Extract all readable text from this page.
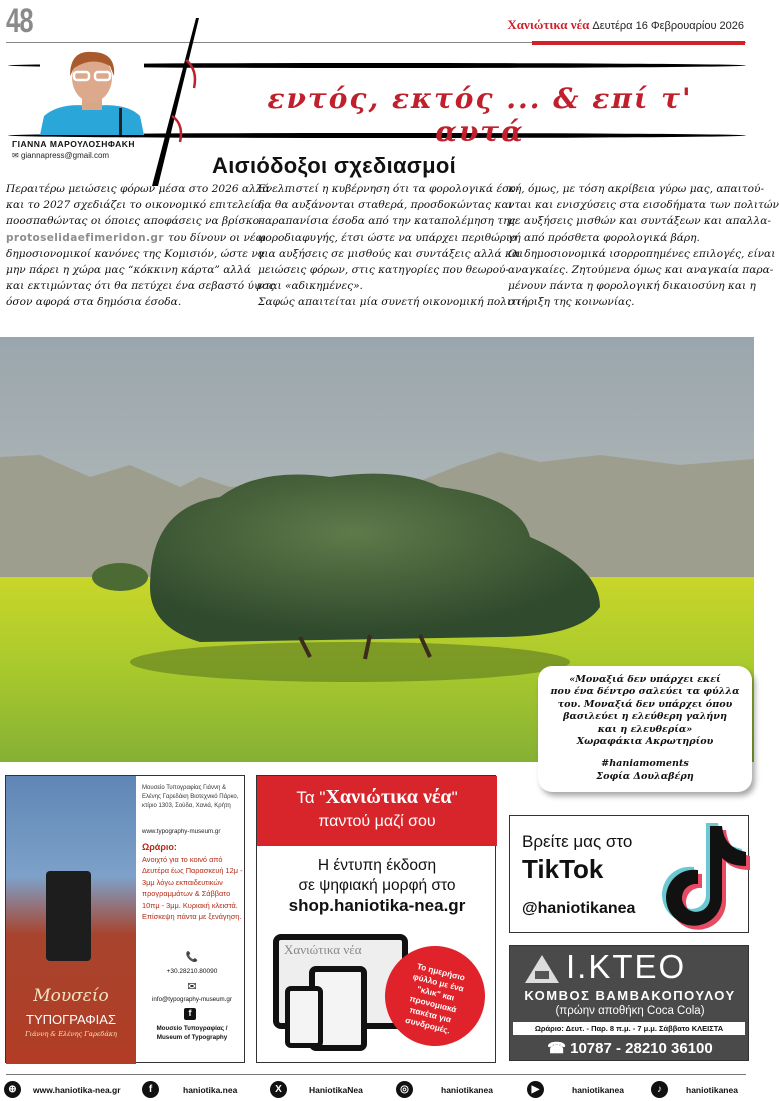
48	Χανιώτικα νέα Δευτέρα 16 Φεβρουαρίου 2026
εντός, εκτός ... & επί τ' αυτά
ΓΙΑΝΝΑ ΜΑΡΟΥΛΟΣΗΦΑΚΗ
✉ giannapress@gmail.com	Αισιόδοξοι σχεδιασμοί
Περαιτέρω μειώσεις φόρων μέσα στο 2026 αλλά
και το 2027 σχεδιάζει το οικονομικό επιτελείο,
ποοσπαθώντας οι όποιες αποφάσεις να βρίσκο-
protoselidaefimeridon.gr του δίνουν οι νέοι
δημοσιονομικοί κανόνες της Κομισιόν, ώστε να
μην πάρει η χώρα μας “κόκκινη κάρτα” αλλά
και εκτιμώντας ότι θα πετύχει ένα σεβαστό ύψος
όσον αφορά στα δημόσια έσοδα.
Ενελπιστεί η κυβέρνηση ότι τα φορολογικά έσο-
δα θα αυξάνονται σταθερά, προσδοκώντας και
παραπανίσια έσοδα από την καταπολέμηση της
φοροδιαφυγής, έτσι ώστε να υπάρχει περιθώριο
για αυξήσεις σε μισθούς και συντάξεις αλλά και
μειώσεις φόρων, στις κατηγορίες που θεωρού-
νται «αδικημένες».
Σαφώς απαιτείται μία συνετή οικονομική πολιτι-
κή, όμως, με τόση ακρίβεια γύρω μας, απαιτού-
νται και ενισχύσεις στα εισοδήματα των πολιτών
με αυξήσεις μισθών και συντάξεων και απαλλα-
γή από πρόσθετα φορολογικά βάρη.
Οι δημοσιονομικά ισορροπημένες επιλογές, είναι
αναγκαίες. Ζητούμενα όμως και αναγκαία παρα-
μένουν πάντα η φορολογική δικαιοσύνη και η
στήριξη της κοινωνίας.
«Μοναξιά δεν υπάρχει εκεί
που ένα δέντρο σαλεύει τα φύλλα
του. Μοναξιά δεν υπάρχει όπου
βασιλεύει η ελεύθερη γαλήνη
και η ελευθερία»
Χωραφάκια Ακρωτηρίου
#haniamoments
Σοφία Δουλαβέρη
Μουσείο
ΤΥΠΟΓΡΑΦΙΑΣ
Γιάννη & Ελένης Γαρεδάκη
Μουσείο Τυπογραφίας Γιάννη & Ελένης Γαρεδάκη Βιοτεχνικό Πάρκο, κτίριο 1303, Σούδα, Χανιά, Κρήτη
www.typography-museum.gr
Ωράριο:
Ανοιχτό για το κοινό από Δευτέρα έως Παρασκευή 12μ - 3μμ λόγω εκπαιδευτικών προγραμμάτων & Σάββατο 10πμ - 3μμ. Κυριακή κλειστά. Επίσκεψη πάντα με ξενάγηση.
📞
+30.28210.80090
✉
info@typography-museum.gr
f
Μουσείο Τυπογραφίας / Museum of Typography
Τα "Χανιώτικα νέα"
παντού μαζί σου
Η έντυπη έκδοση
σε ψηφιακή μορφή στο
shop.haniotika-nea.gr
Χανιώτικα νέα
Το ημερήσιο φύλλο με ένα "κλικ" και προνομιακά πακέτα για συνδρομές.
Βρείτε μας στο
TikTok
@haniotikanea
Ι.ΚΤΕΟ
ΚΟΜΒΟΣ ΒΑΜΒΑΚΟΠΟΥΛΟΥ
(πρώην αποθήκη Coca Cola)
Ωράριο: Δευτ. - Παρ. 8 π.μ. - 7 μ.μ. Σάββατο ΚΛΕΙΣΤΑ
☎ 10787 - 28210 36100
⊕	www.haniotika-nea.gr	f	haniotika.nea	X	HaniotikaNea	◎	haniotikanea	▶	haniotikanea	♪	haniotikanea
